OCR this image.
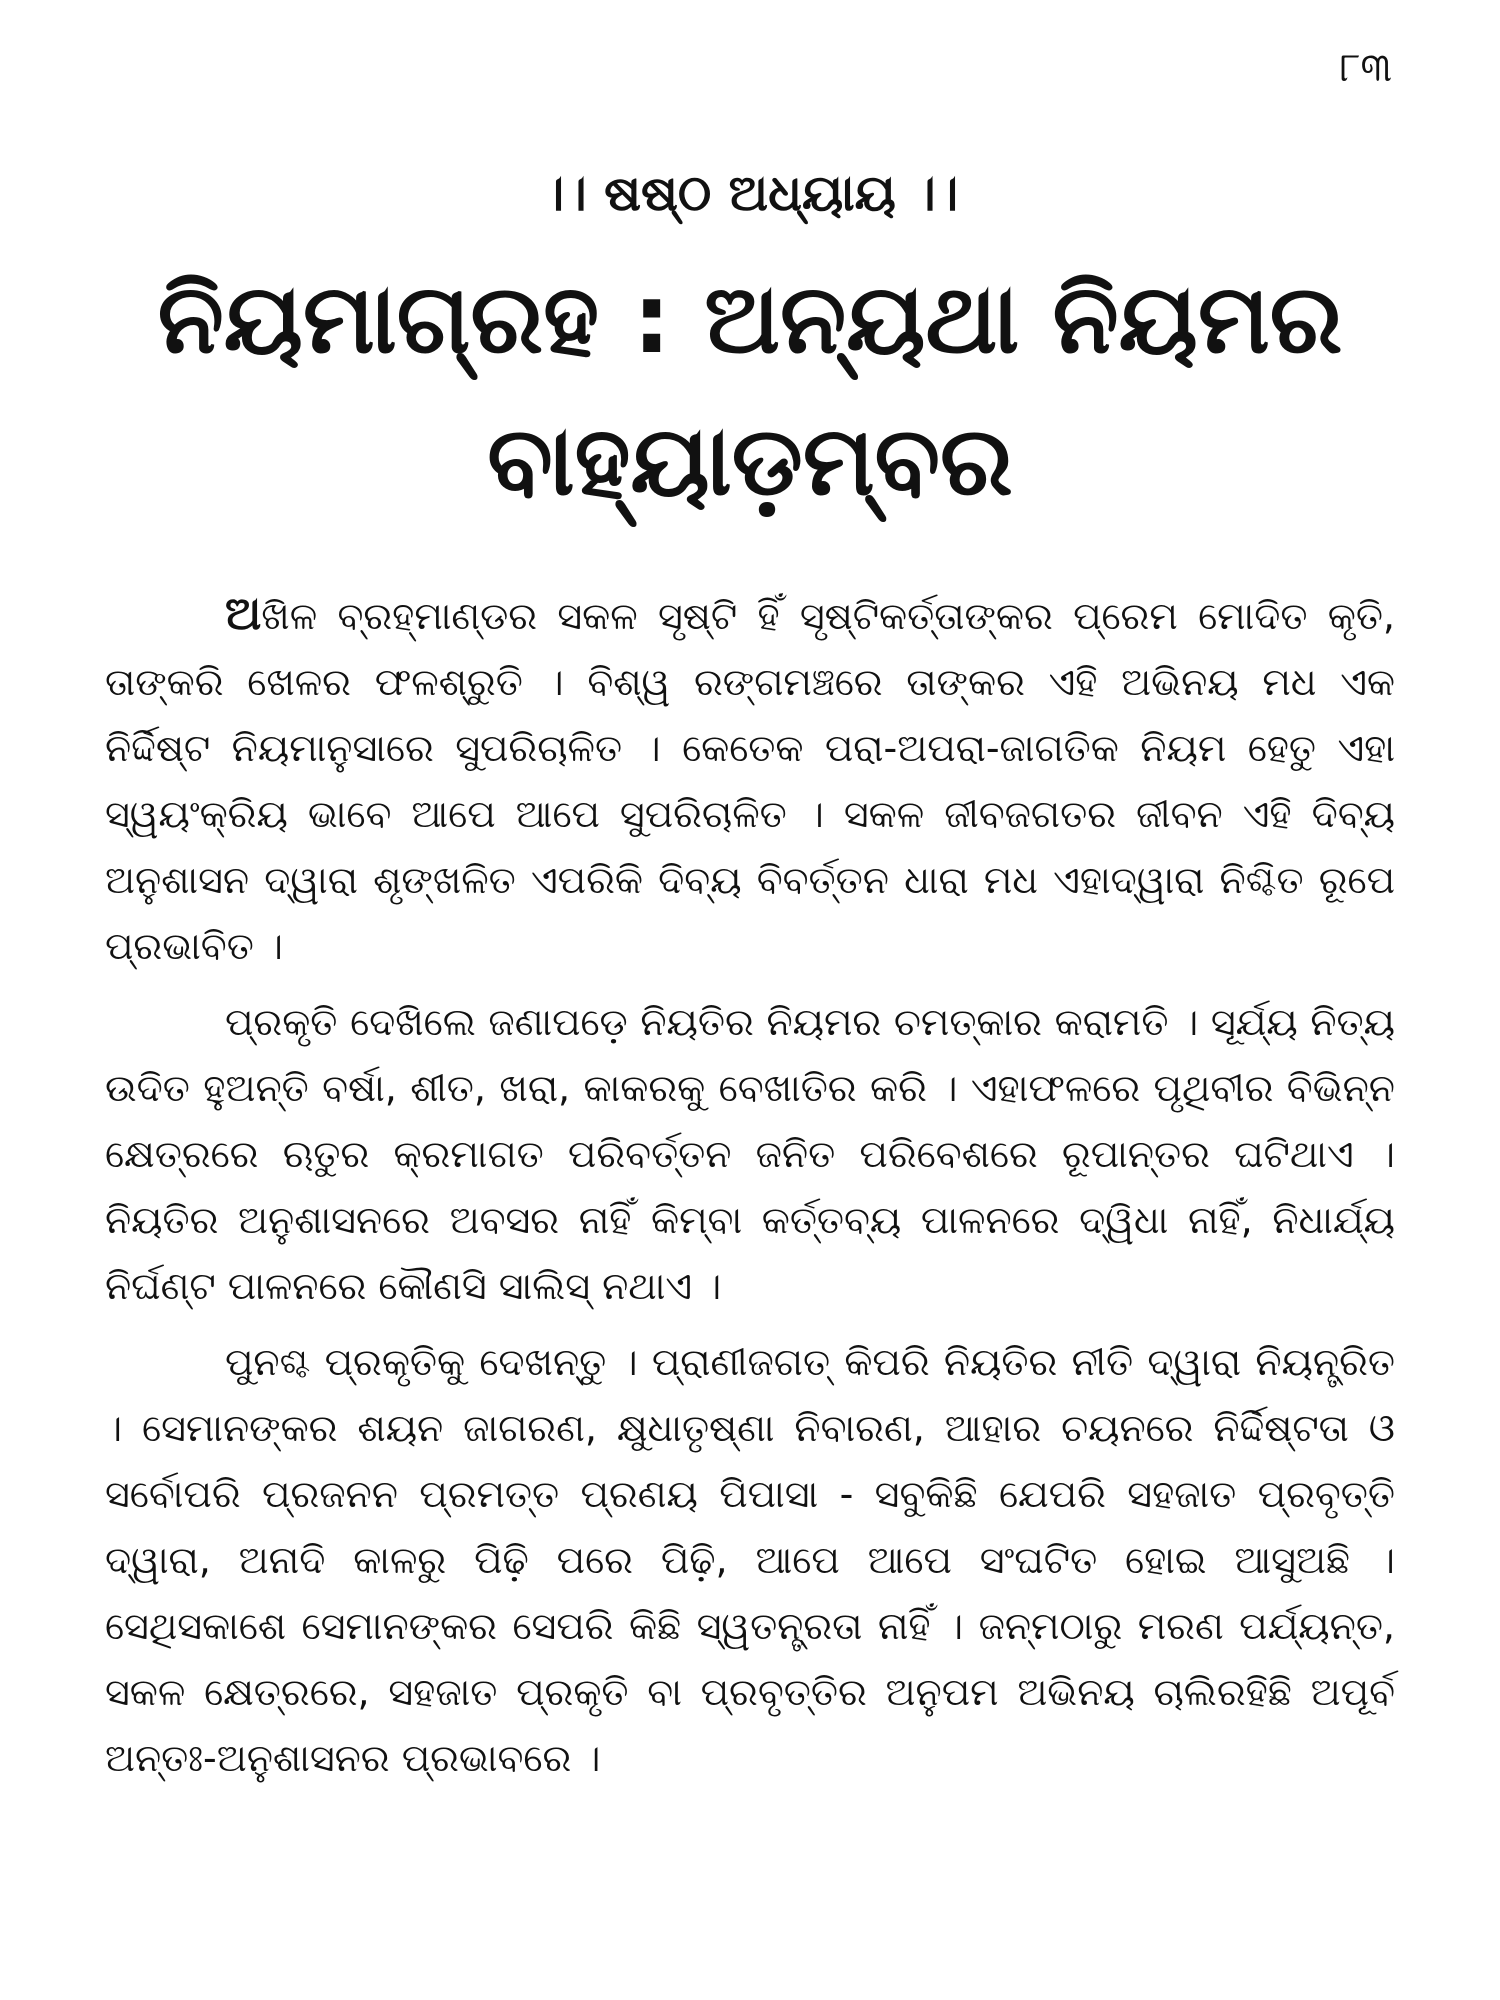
୮୩
।। ଷଷ୍ଠ ଅଧ୍ୟାୟ ।।
ନିୟମାଗ୍ରହ : ଅନ୍ୟଥା ନିୟମର
ବାହ୍ୟାଡ଼ମ୍ବର

ଅଖିଳ ବ୍ରହ୍ମାଣ୍ଡର ସକଳ ସୃଷ୍ଟି ହିଁ ସୃଷ୍ଟିକର୍ତ୍ତାଙ୍କର ପ୍ରେମ ମୋଦିତ କୃତି, ତାଙ୍କରି ଖେଳର ଫଳଶ୍ରୁତି । ବିଶ୍ୱ ରଙ୍ଗମଞ୍ଚରେ ତାଙ୍କର ଏହି ଅଭିନୟ ମଧ ଏକ ନିର୍ଦ୍ଦିଷ୍ଟ ନିୟମାନୁସାରେ ସୁପରିଚାଳିତ । କେତେକ ପରା-ଅପରା-ଜାଗତିକ ନିୟମ ହେତୁ ଏହା ସ୍ୱୟଂକ୍ରିୟ ଭାବେ ଆପେ ଆପେ ସୁପରିଚାଳିତ । ସକଳ ଜୀବଜଗତର ଜୀବନ ଏହି ଦିବ୍ୟ ଅନୁଶାସନ ଦ୍ୱାରା ଶୃଙ୍ଖଳିତ ଏପରିକି ଦିବ୍ୟ ବିବର୍ତ୍ତନ ଧାରା ମଧ ଏହାଦ୍ୱାରା ନିଶ୍ଚିତ ରୂପେ ପ୍ରଭାବିତ ।

ପ୍ରକୃତି ଦେଖିଲେ ଜଣାପଡ଼େ ନିୟତିର ନିୟମର ଚମତ୍କାର କରାମତି । ସୂର୍ଯ୍ୟ ନିତ୍ୟ ଉଦିତ ହୁଅନ୍ତି ବର୍ଷା, ଶୀତ, ଖରା, କାକରକୁ ବେଖାତିର କରି । ଏହାଫଳରେ ପୃଥିବୀର ବିଭିନ୍ନ କ୍ଷେତ୍ରରେ ଋତୁର କ୍ରମାଗତ ପରିବର୍ତ୍ତନ ଜନିତ ପରିବେଶରେ ରୂପାନ୍ତର ଘଟିଥାଏ । ନିୟତିର ଅନୁଶାସନରେ ଅବସର ନାହିଁ କିମ୍ବା କର୍ତ୍ତବ୍ୟ ପାଳନରେ ଦ୍ୱିଧା ନାହିଁ, ନିଧାର୍ଯ୍ୟ ନିର୍ଘଣ୍ଟ ପାଳନରେ କୌଣସି ସାଲିସ୍ ନଥାଏ ।

ପୁନଶ୍ଚ ପ୍ରକୃତିକୁ ଦେଖନ୍ତୁ । ପ୍ରାଣୀଜଗତ୍ କିପରି ନିୟତିର ନୀତି ଦ୍ୱାରା ନିୟନ୍ତ୍ରିତ । ସେମାନଙ୍କର ଶୟନ ଜାଗରଣ, କ୍ଷୁଧାତୃଷ୍ଣା ନିବାରଣ, ଆହାର ଚୟନରେ ନିର୍ଦ୍ଦିଷ୍ଟତା ଓ ସର୍ବୋପରି ପ୍ରଜନନ ପ୍ରମତ୍ତ ପ୍ରଣୟ ପିପାସା - ସବୁକିଛି ଯେପରି ସହଜାତ ପ୍ରବୃତ୍ତି ଦ୍ୱାରା, ଅନାଦି କାଳରୁ ପିଢ଼ି ପରେ ପିଢ଼ି, ଆପେ ଆପେ ସଂଘଟିତ ହୋଇ ଆସୁଅଛି । ସେଥିସକାଶେ ସେମାନଙ୍କର ସେପରି କିଛି ସ୍ୱତନ୍ତ୍ରତା ନାହିଁ । ଜନ୍ମଠାରୁ ମରଣ ପର୍ଯ୍ୟନ୍ତ, ସକଳ କ୍ଷେତ୍ରରେ, ସହଜାତ ପ୍ରକୃତି ବା ପ୍ରବୃତ୍ତିର ଅନୁପମ ଅଭିନୟ ଚାଲିରହିଛି ଅପୂର୍ବ ଅନ୍ତଃ-ଅନୁଶାସନର ପ୍ରଭାବରେ ।
